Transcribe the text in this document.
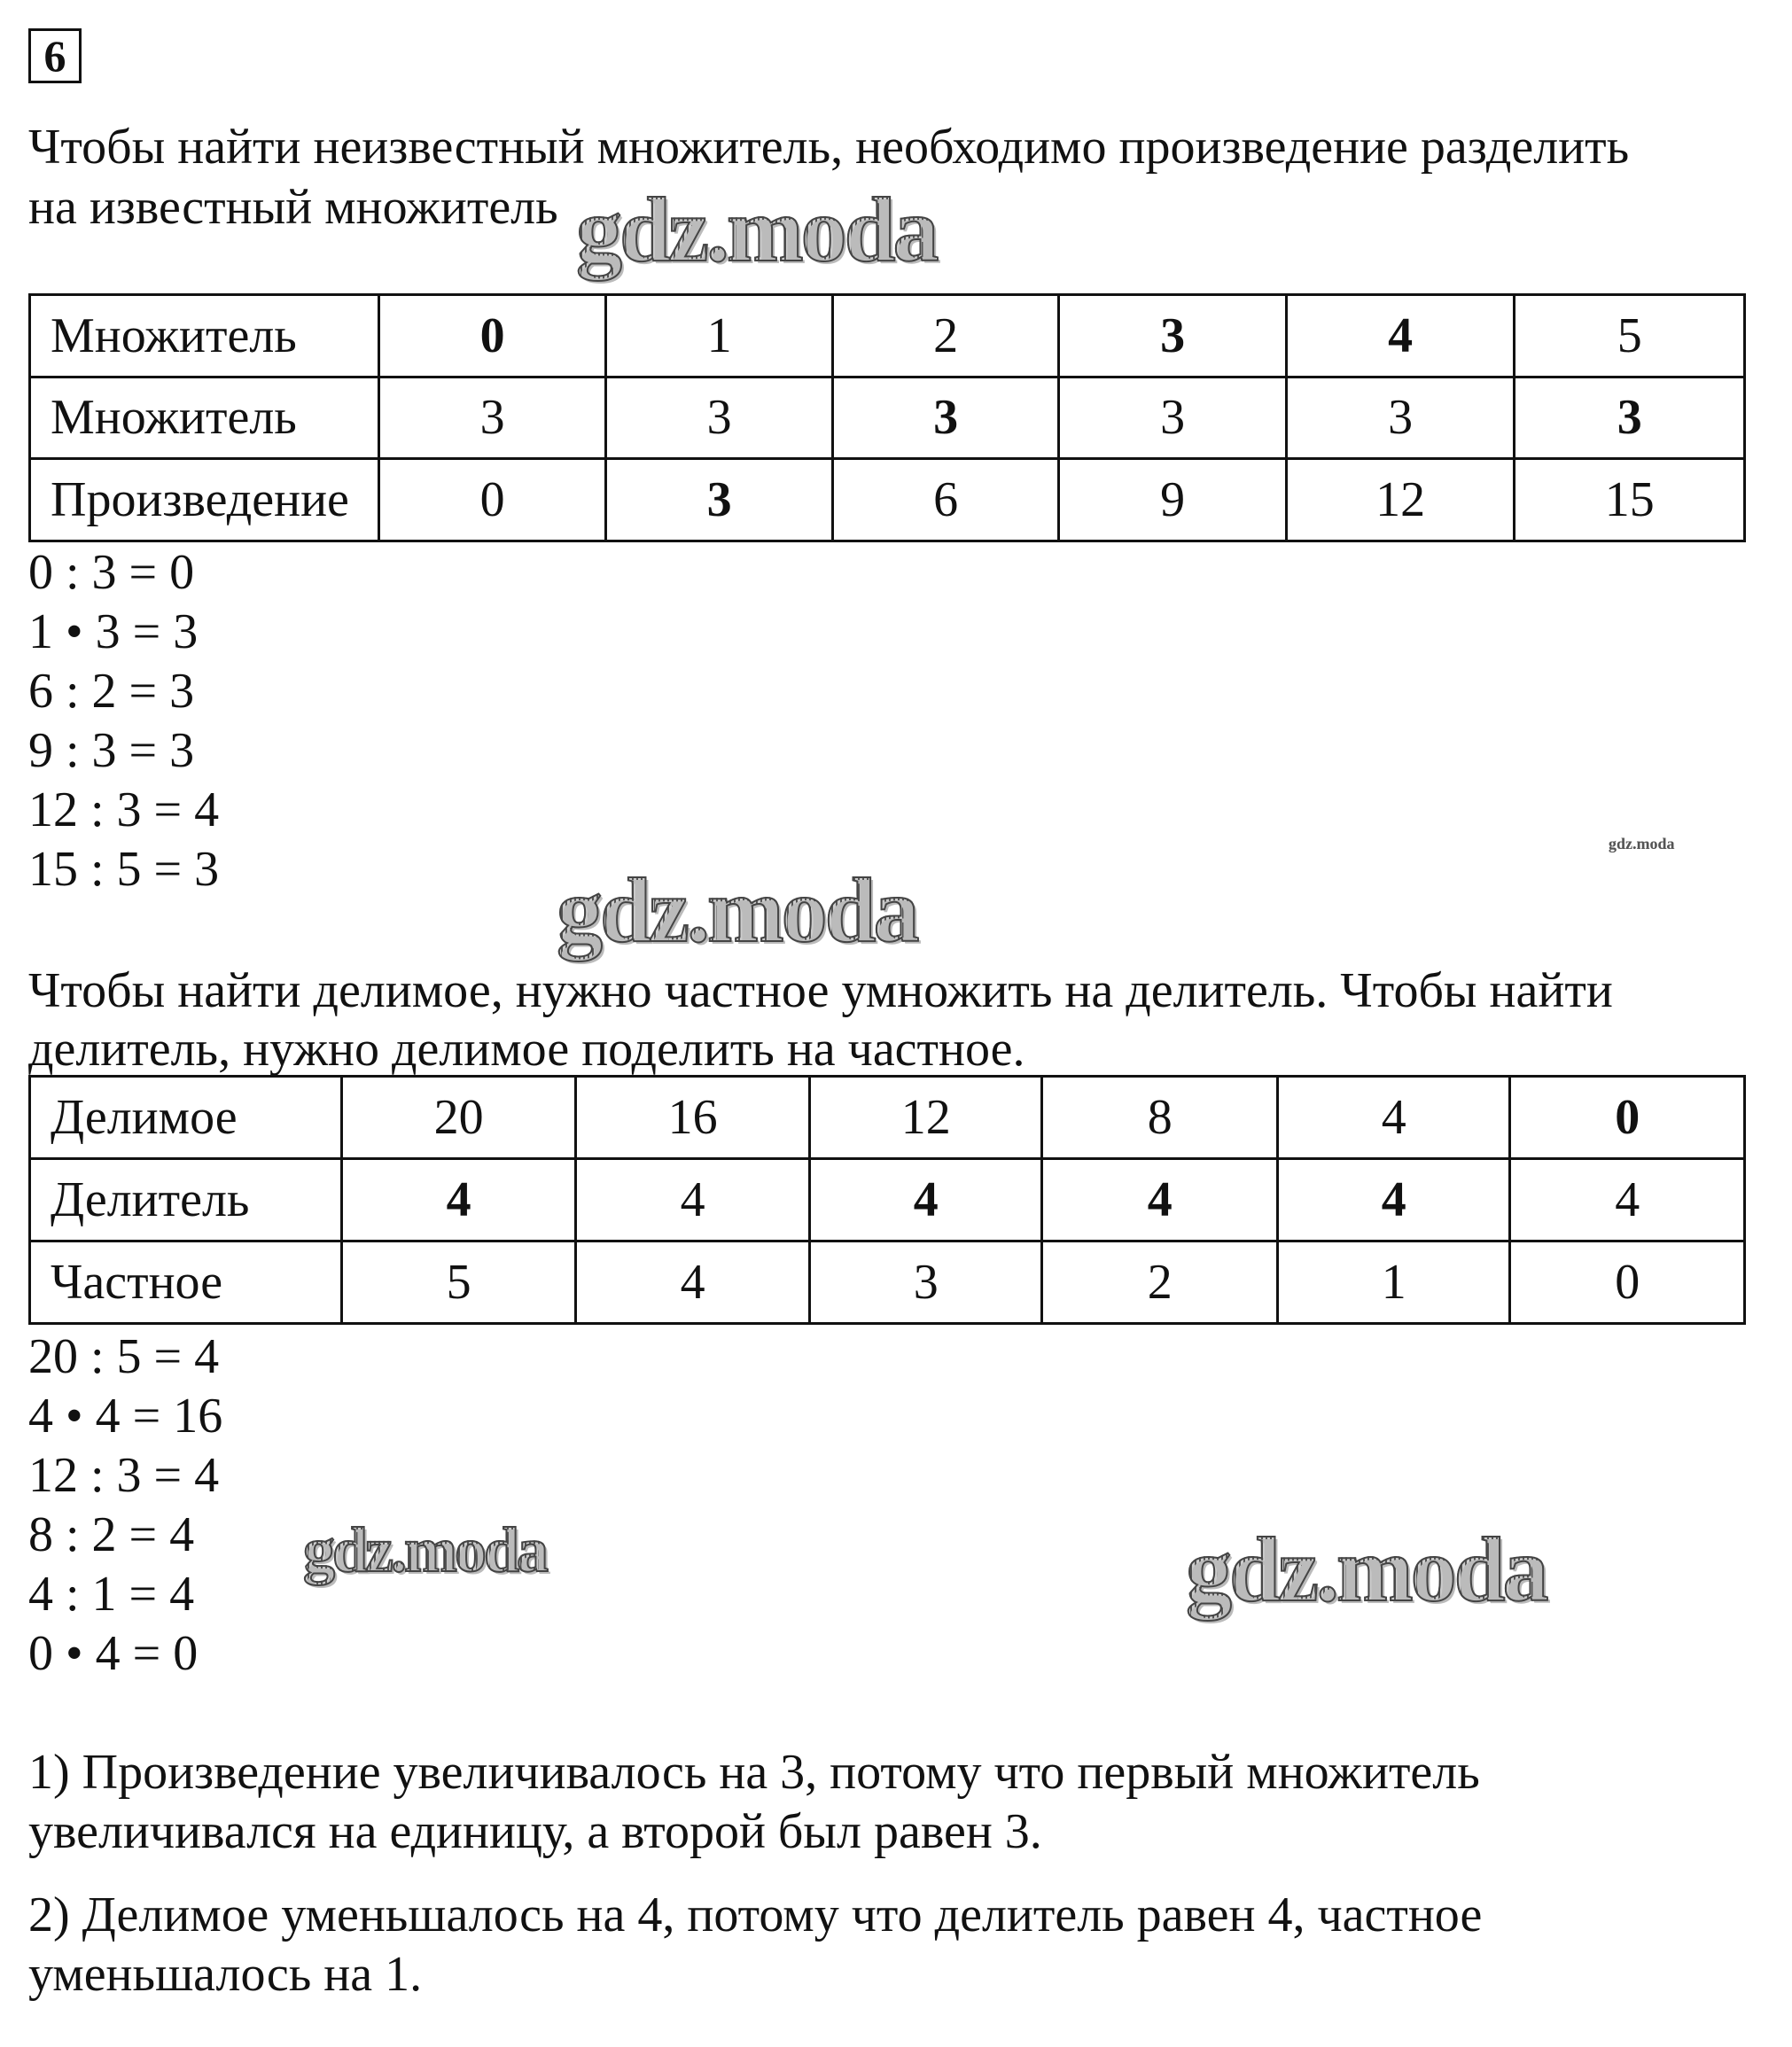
6
Чтобы найти неизвестный множитель, необходимо произведение разделить
на известный множитель
Множитель	0	1	2	3	4	5
Множитель	3	3	3	3	3	3
Произведение	0	3	6	9	12	15
0 : 3 = 0
1 • 3 = 3
6 : 2 = 3
9 : 3 = 3
12 : 3 = 4
15 : 5 = 3
Чтобы найти делимое, нужно частное умножить на делитель. Чтобы найти
делитель, нужно делимое поделить на частное.
Делимое	20	16	12	8	4	0
Делитель	4	4	4	4	4	4
Частное	5	4	3	2	1	0
20 : 5 = 4
4 • 4 = 16
12 : 3 = 4
8 : 2 = 4
4 : 1 = 4
0 • 4 = 0
1) Произведение увеличивалось на 3, потому что первый множитель
увеличивался на единицу, а второй был равен 3.
2) Делимое уменьшалось на 4, потому что делитель равен 4, частное
уменьшалось на 1.
gdz.moda
gdz.moda
gdz.moda
gdz.moda	gdz.moda
